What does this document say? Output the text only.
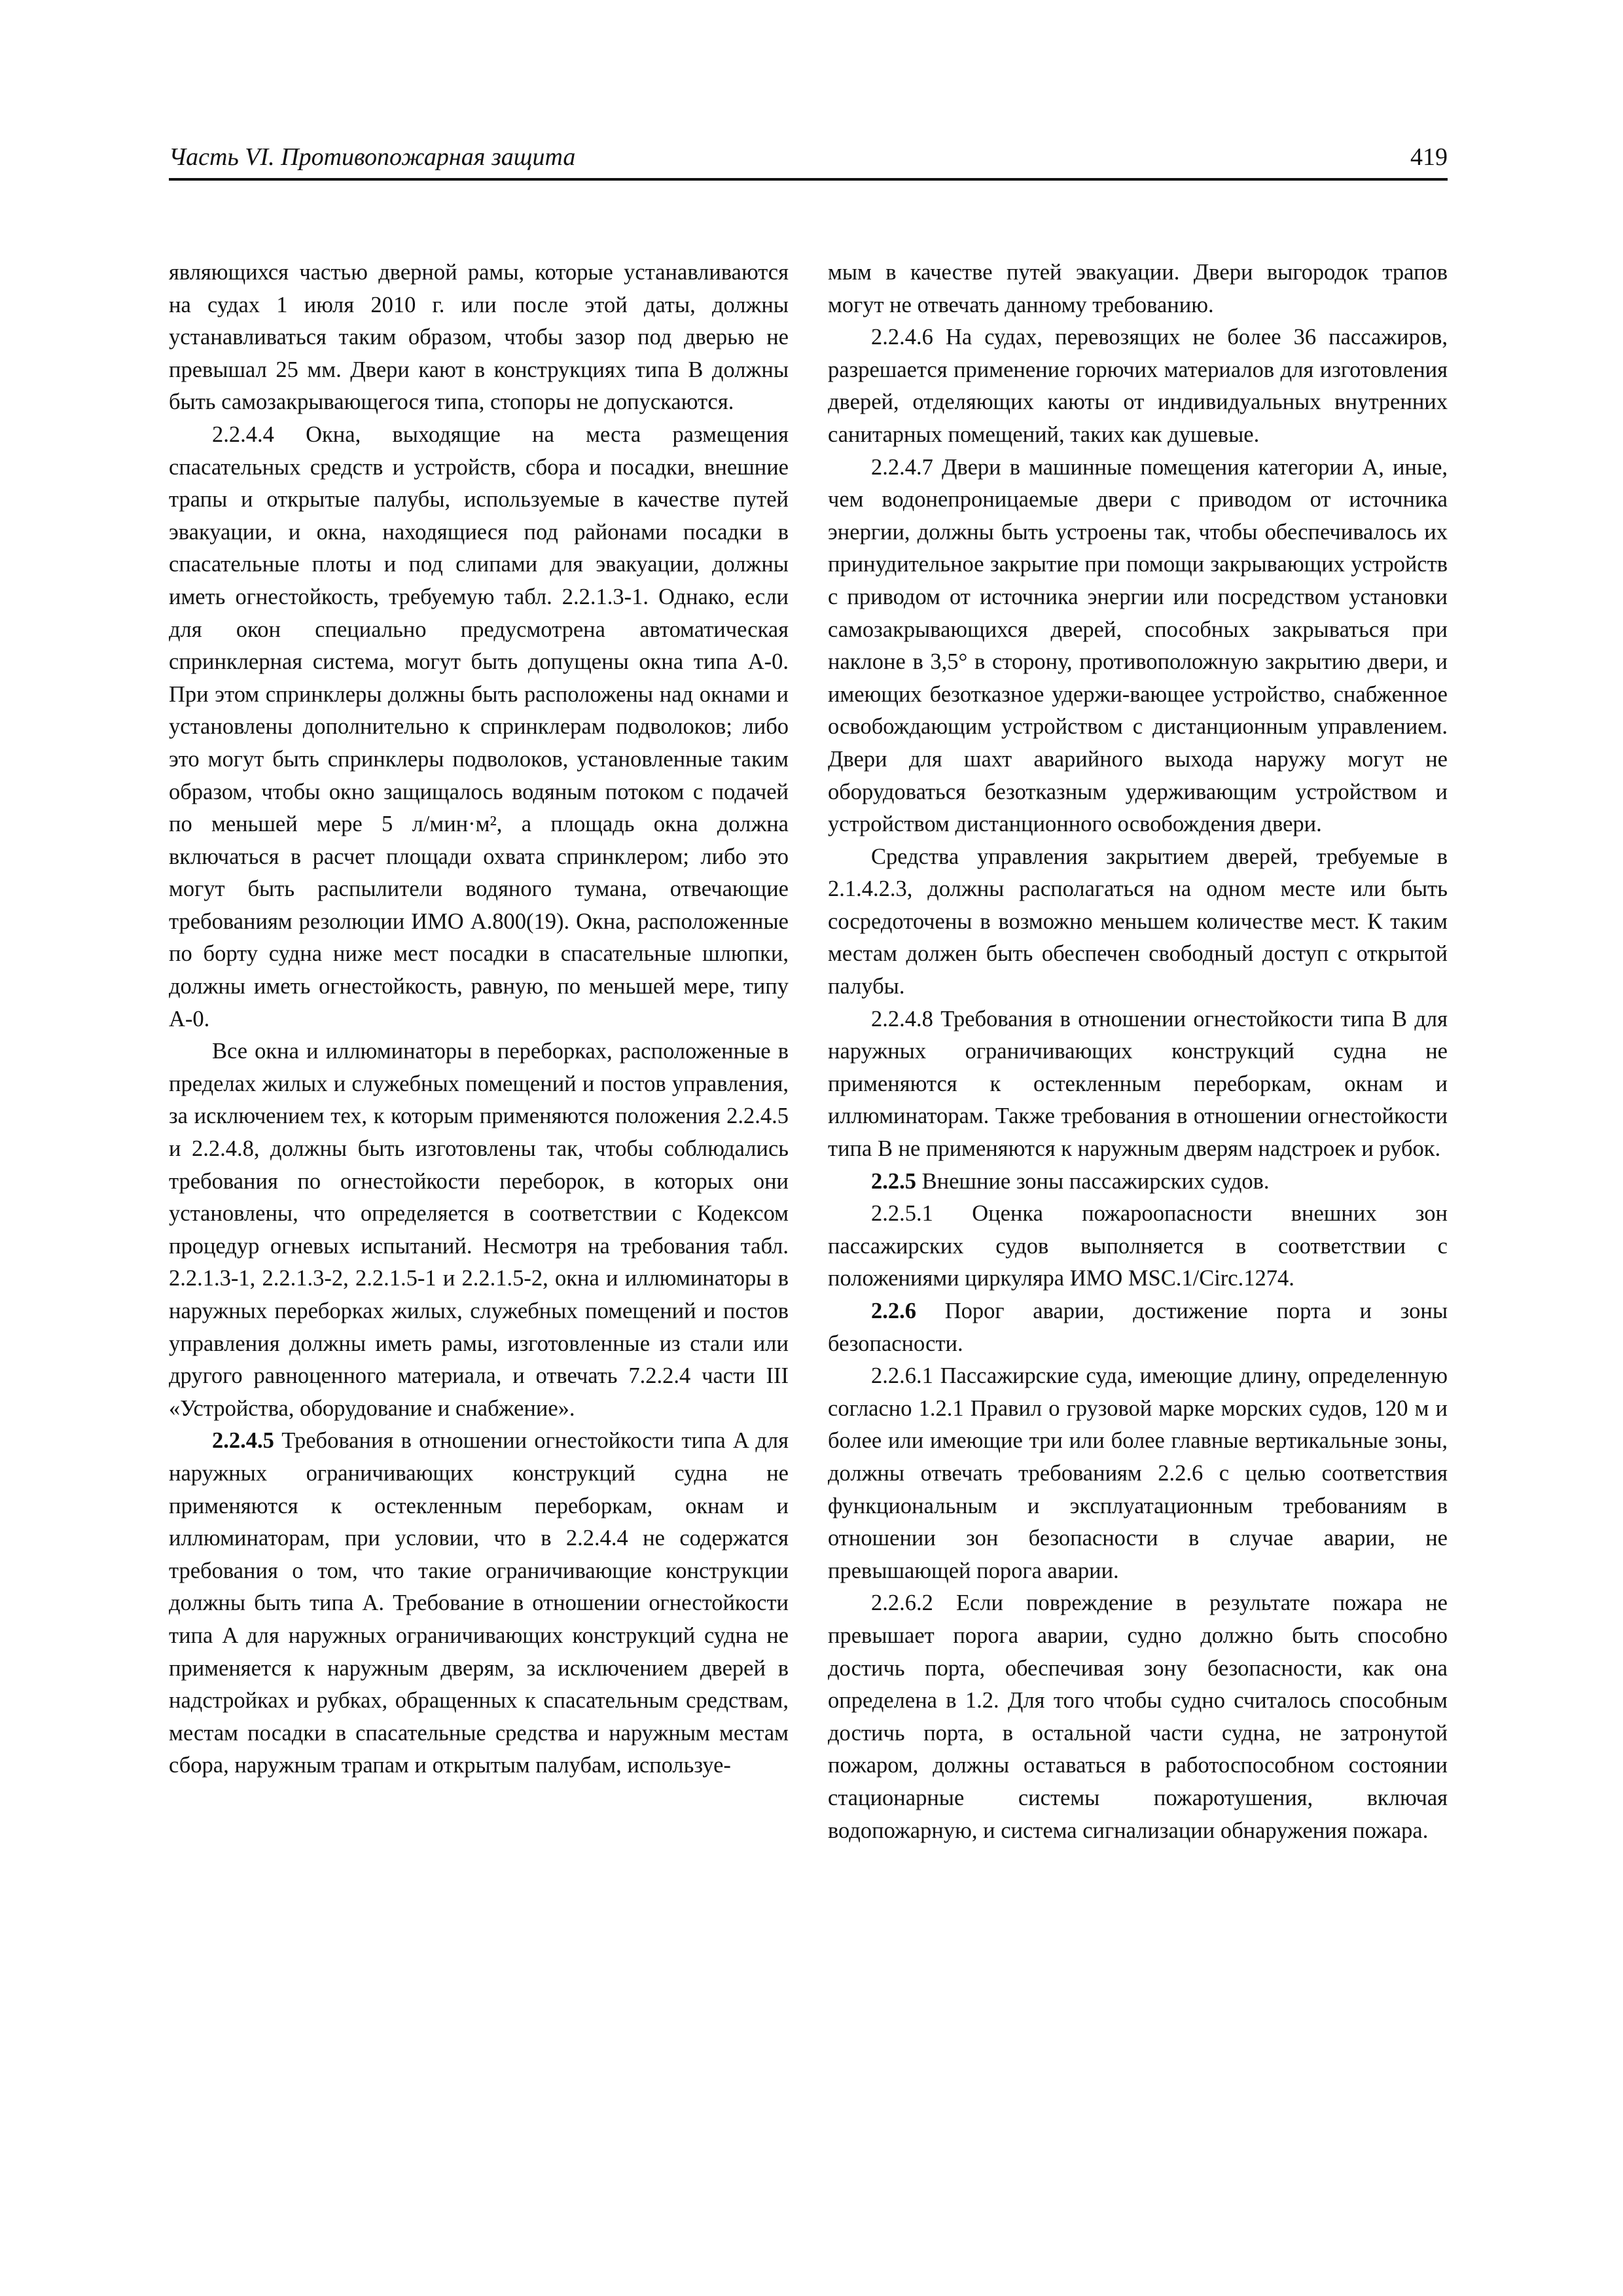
Часть VI. Противопожарная защита	419

являющихся частью дверной рамы, которые устанавливаются на судах 1 июля 2010 г. или после этой даты, должны устанавливаться таким образом, чтобы зазор под дверью не превышал 25 мм. Двери кают в конструкциях типа B должны быть самозакрывающегося типа, стопоры не допускаются.

2.2.4.4 Окна, выходящие на места размещения спасательных средств и устройств, сбора и посадки, внешние трапы и открытые палубы, используемые в качестве путей эвакуации, и окна, находящиеся под районами посадки в спасательные плоты и под слипами для эвакуации, должны иметь огнестойкость, требуемую табл. 2.2.1.3-1. Однако, если для окон специально предусмотрена автоматическая спринклерная система, могут быть допущены окна типа A-0. При этом спринклеры должны быть расположены над окнами и установлены дополнительно к спринклерам подволоков; либо это могут быть спринклеры подволоков, установленные таким образом, чтобы окно защищалось водяным потоком с подачей по меньшей мере 5 л/мин·м², а площадь окна должна включаться в расчет площади охвата спринклером; либо это могут быть распылители водяного тумана, отвечающие требованиям резолюции ИМО A.800(19). Окна, расположенные по борту судна ниже мест посадки в спасательные шлюпки, должны иметь огнестойкость, равную, по меньшей мере, типу A-0.

Все окна и иллюминаторы в переборках, расположенные в пределах жилых и служебных помещений и постов управления, за исключением тех, к которым применяются положения 2.2.4.5 и 2.2.4.8, должны быть изготовлены так, чтобы соблюдались требования по огнестойкости переборок, в которых они установлены, что определяется в соответствии с Кодексом процедур огневых испытаний. Несмотря на требования табл. 2.2.1.3-1, 2.2.1.3-2, 2.2.1.5-1 и 2.2.1.5-2, окна и иллюминаторы в наружных переборках жилых, служебных помещений и постов управления должны иметь рамы, изготовленные из стали или другого равноценного материала, и отвечать 7.2.2.4 части III «Устройства, оборудование и снабжение».

2.2.4.5 Требования в отношении огнестойкости типа A для наружных ограничивающих конструкций судна не применяются к остекленным переборкам, окнам и иллюминаторам, при условии, что в 2.2.4.4 не содержатся требования о том, что такие ограничивающие конструкции должны быть типа A. Требование в отношении огнестойкости типа A для наружных ограничивающих конструкций судна не применяется к наружным дверям, за исключением дверей в надстройках и рубках, обращенных к спасательным средствам, местам посадки в спасательные средства и наружным местам сбора, наружным трапам и открытым палубам, используе-

мым в качестве путей эвакуации. Двери выгородок трапов могут не отвечать данному требованию.

2.2.4.6 На судах, перевозящих не более 36 пассажиров, разрешается применение горючих материалов для изготовления дверей, отделяющих каюты от индивидуальных внутренних санитарных помещений, таких как душевые.

2.2.4.7 Двери в машинные помещения категории A, иные, чем водонепроницаемые двери с приводом от источника энергии, должны быть устроены так, чтобы обеспечивалось их принудительное закрытие при помощи закрывающих устройств с приводом от источника энергии или посредством установки самозакрывающихся дверей, способных закрываться при наклоне в 3,5° в сторону, противоположную закрытию двери, и имеющих безотказное удержи-вающее устройство, снабженное освобождающим устройством с дистанционным управлением. Двери для шахт аварийного выхода наружу могут не оборудоваться безотказным удерживающим устройством и устройством дистанционного освобождения двери.

Средства управления закрытием дверей, требуемые в 2.1.4.2.3, должны располагаться на одном месте или быть сосредоточены в возможно меньшем количестве мест. К таким местам должен быть обеспечен свободный доступ с открытой палубы.

2.2.4.8 Требования в отношении огнестойкости типа B для наружных ограничивающих конструкций судна не применяются к остекленным переборкам, окнам и иллюминаторам. Также требования в отношении огнестойкости типа B не применяются к наружным дверям надстроек и рубок.

2.2.5 Внешние зоны пассажирских судов.

2.2.5.1 Оценка пожароопасности внешних зон пассажирских судов выполняется в соответствии с положениями циркуляра ИМО MSC.1/Circ.1274.

2.2.6 Порог аварии, достижение порта и зоны безопасности.

2.2.6.1 Пассажирские суда, имеющие длину, определенную согласно 1.2.1 Правил о грузовой марке морских судов, 120 м и более или имеющие три или более главные вертикальные зоны, должны отвечать требованиям 2.2.6 с целью соответствия функциональным и эксплуатационным требованиям в отношении зон безопасности в случае аварии, не превышающей порога аварии.

2.2.6.2 Если повреждение в результате пожара не превышает порога аварии, судно должно быть способно достичь порта, обеспечивая зону безопасности, как она определена в 1.2. Для того чтобы судно считалось способным достичь порта, в остальной части судна, не затронутой пожаром, должны оставаться в работоспособном состоянии стационарные системы пожаротушения, включая водопожарную, и система сигнализации обнаружения пожара.
